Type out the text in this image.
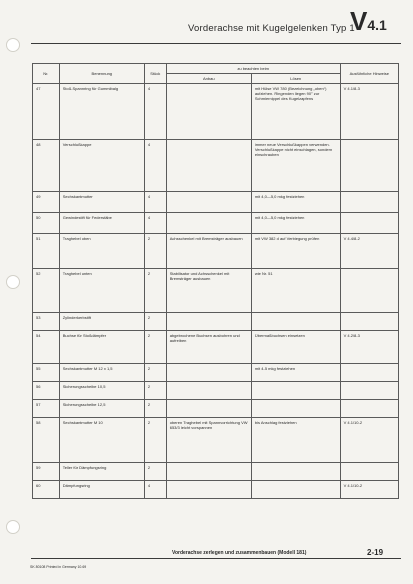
Vorderachse mit Kugelgelenken Typ 1
V4.1
Nr.	Benennung	Stück	zu beachten beim		Ausführliche Hinweise
			Anbau	Lösen	
47	Stoß-Spannring für Gummibalg	4		mit Hülse VW 780 (Bezeichnung „oben“) aufziehen. Ringenden liegen 90° zur Schmiernippel des Kugelzapfens	V 4.1/8-3
48	Verschlußkappe	4		immer neue Verschlußkappen verwenden. Verschlußkappe nicht einschlagen, sondern einschrauben	
49	Sechskantmutter	4		mit 4,0—5,0 mkg festziehen	
50	Gewindestift für Federstäbe	4		mit 4,0—5,0 mkg festziehen	
51	Traghebel oben	2	Achsschenkel mit Bremsträger ausbauen	mit VW 382 d auf Verbiegung prüfen	V 4.4/8-2
52	Traghebel unten	2	Stabilisator und Achsschenkel mit Bremsträger ausbauen	wie Nr. 51	
53	Zylinderkerbstift	2			
54	Buchse für Stoßdämpfer	2	abgebrochene Buchsen ausbohren und aufreiben	Übermaßbuchsen einsetzen	V 4.2/8-3
55	Sechskantmutter M 12 x 1,5	2		mit 4-5 mkg festziehen	
56	Sicherungsscheibe 10,5	2			
57	Sicherungsscheibe 12,5	2			
58	Sechskantmutter M 10	2	oberen Traghebel mit Spannvorrichtung VW 653/3 leicht vorspannen	bis Anschlag festziehen	V 4.1/10-2
59	Teller für Dämpfungsring	2			
60	Dämpfungsring	4			V 4.1/10-2
Vorderachse zerlegen und zusammenbauen (Modell 181)	2-19
SK 80108 Printed in Germany 10.69
